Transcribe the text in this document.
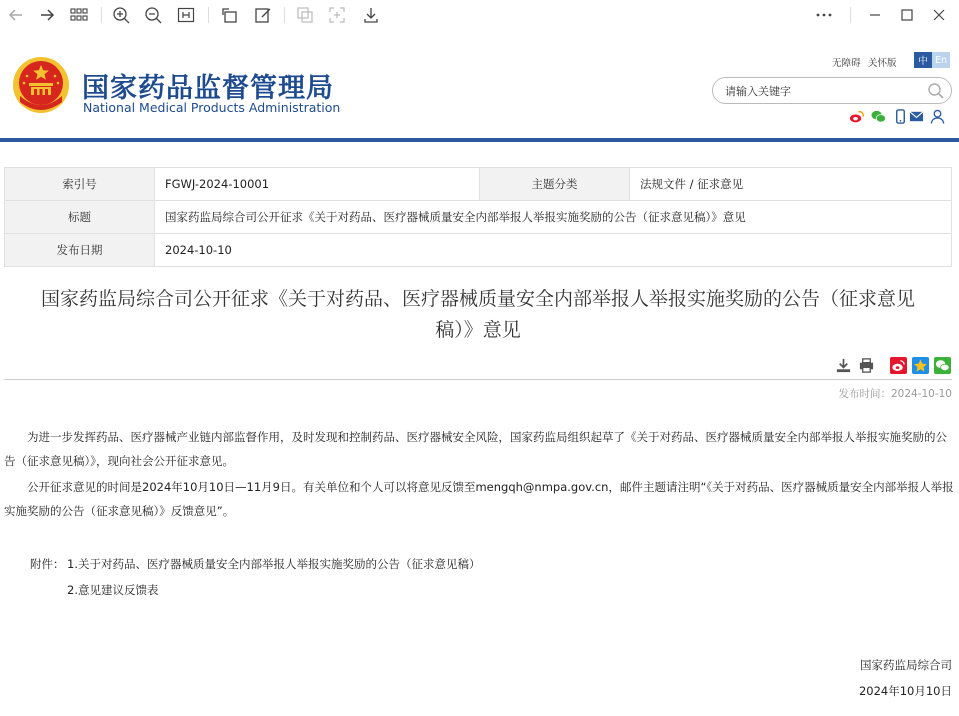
国家药品监督管理局
National Medical Products Administration
无障碍 关怀版	中 En
请输入关键字
索引号	FGWJ-2024-10001	主题分类	法规文件 / 征求意见
标题	国家药监局综合司公开征求《关于对药品、医疗器械质量安全内部举报人举报实施奖励的公告（征求意见稿）》意见		
发布日期	2024-10-10		
国家药监局综合司公开征求《关于对药品、医疗器械质量安全内部举报人举报实施奖励的公告（征求意见
稿）》意见
发布时间：2024-10-10
为进一步发挥药品、医疗器械产业链内部监督作用，及时发现和控制药品、医疗器械安全风险，国家药监局组织起草了《关于对药品、医疗器械质量安全内部举报人举报实施奖励的公告（征求意见稿）》，现向社会公开征求意见。
公开征求意见的时间是2024年10月10日—11月9日。有关单位和个人可以将意见反馈至mengqh@nmpa.gov.cn，邮件主题请注明“《关于对药品、医疗器械质量安全内部举报人举报实施奖励的公告（征求意见稿）》反馈意见”。
附件： 1.关于对药品、医疗器械质量安全内部举报人举报实施奖励的公告（征求意见稿）
2.意见建议反馈表
国家药监局综合司
2024年10月10日
